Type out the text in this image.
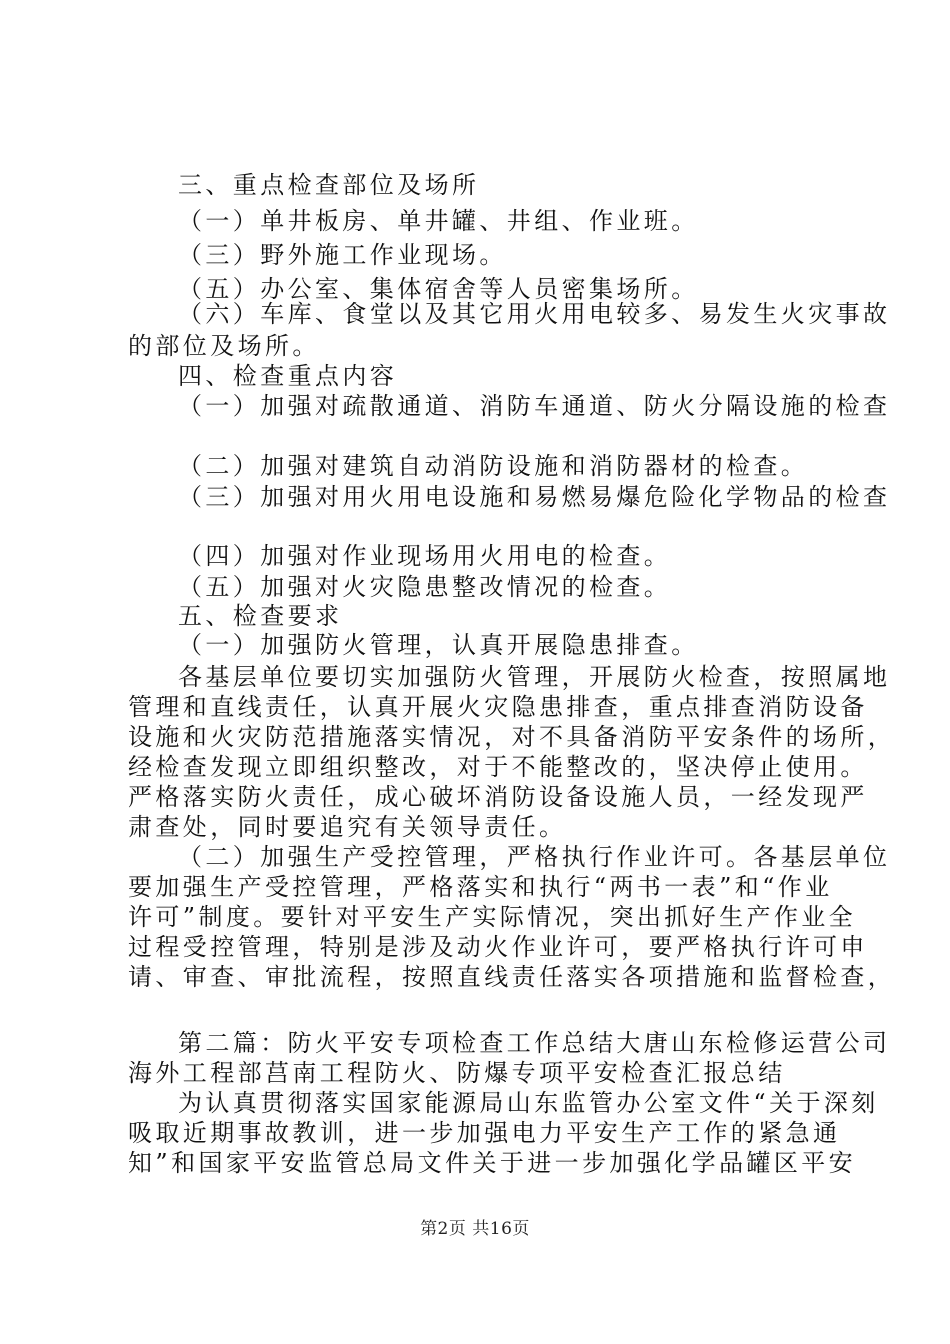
三、重点检查部位及场所
（一）单井板房、单井罐、井组、作业班。
（三）野外施工作业现场。
（五）办公室、集体宿舍等人员密集场所。
（六）车库、食堂以及其它用火用电较多、易发生火灾事故
的部位及场所。
四、检查重点内容
（一）加强对疏散通道、消防车通道、防火分隔设施的检查
（二）加强对建筑自动消防设施和消防器材的检查。
（三）加强对用火用电设施和易燃易爆危险化学物品的检查
（四）加强对作业现场用火用电的检查。
（五）加强对火灾隐患整改情况的检查。
五、检查要求
（一）加强防火管理，认真开展隐患排查。
各基层单位要切实加强防火管理，开展防火检查，按照属地
管理和直线责任，认真开展火灾隐患排查，重点排查消防设备
设施和火灾防范措施落实情况，对不具备消防平安条件的场所，
经检查发现立即组织整改，对于不能整改的，坚决停止使用。
严格落实防火责任，成心破坏消防设备设施人员，一经发现严
肃查处，同时要追究有关领导责任。
（二）加强生产受控管理，严格执行作业许可。各基层单位
要加强生产受控管理，严格落实和执行“两书一表”和“作业
许可”制度。要针对平安生产实际情况，突出抓好生产作业全
过程受控管理，特别是涉及动火作业许可，要严格执行许可申
请、审查、审批流程，按照直线责任落实各项措施和监督检查，
第二篇：防火平安专项检查工作总结大唐山东检修运营公司
海外工程部莒南工程防火、防爆专项平安检查汇报总结
为认真贯彻落实国家能源局山东监管办公室文件“关于深刻
吸取近期事故教训，进一步加强电力平安生产工作的紧急通
知”和国家平安监管总局文件关于进一步加强化学品罐区平安
第2页 共16页
